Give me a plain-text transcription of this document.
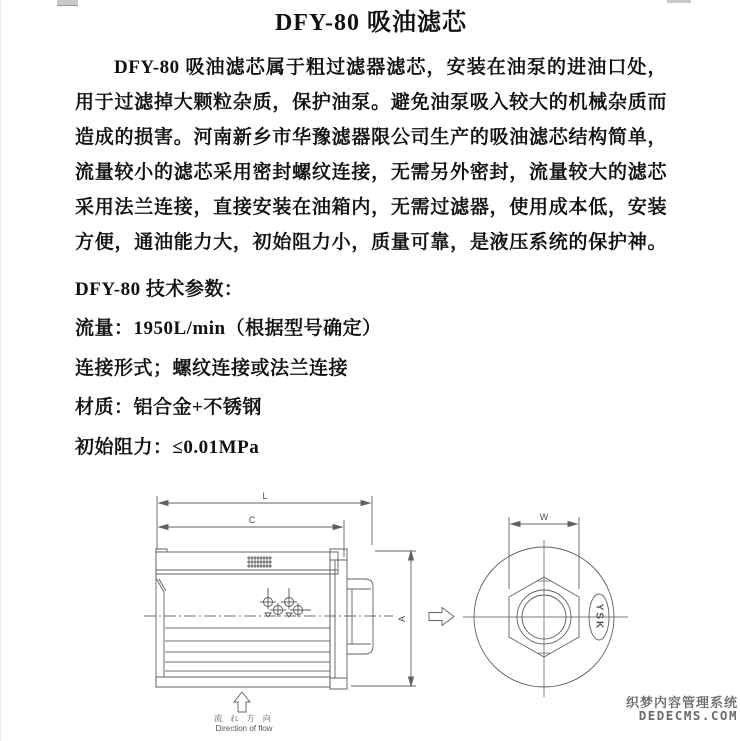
DFY-80 吸油滤芯
DFY-80 吸油滤芯属于粗过滤器滤芯，安装在油泵的进油口处，
用于过滤掉大颗粒杂质，保护油泵。避免油泵吸入较大的机械杂质而
造成的损害。河南新乡市华豫滤器限公司生产的吸油滤芯结构简单，
流量较小的滤芯采用密封螺纹连接，无需另外密封，流量较大的滤芯
采用法兰连接，直接安装在油箱内，无需过滤器，使用成本低，安装
方便，通油能力大，初始阻力小，质量可靠，是液压系统的保护神。
DFY-80 技术参数：
流量：1950L/min（根据型号确定）
连接形式；螺纹连接或法兰连接
材质：铝合金+不锈钢
初始阻力：≤0.01MPa
L
C
A
流 れ 方 向
Direction of flow
YSK
W
织梦内容管理系统
DEDECMS.COM
